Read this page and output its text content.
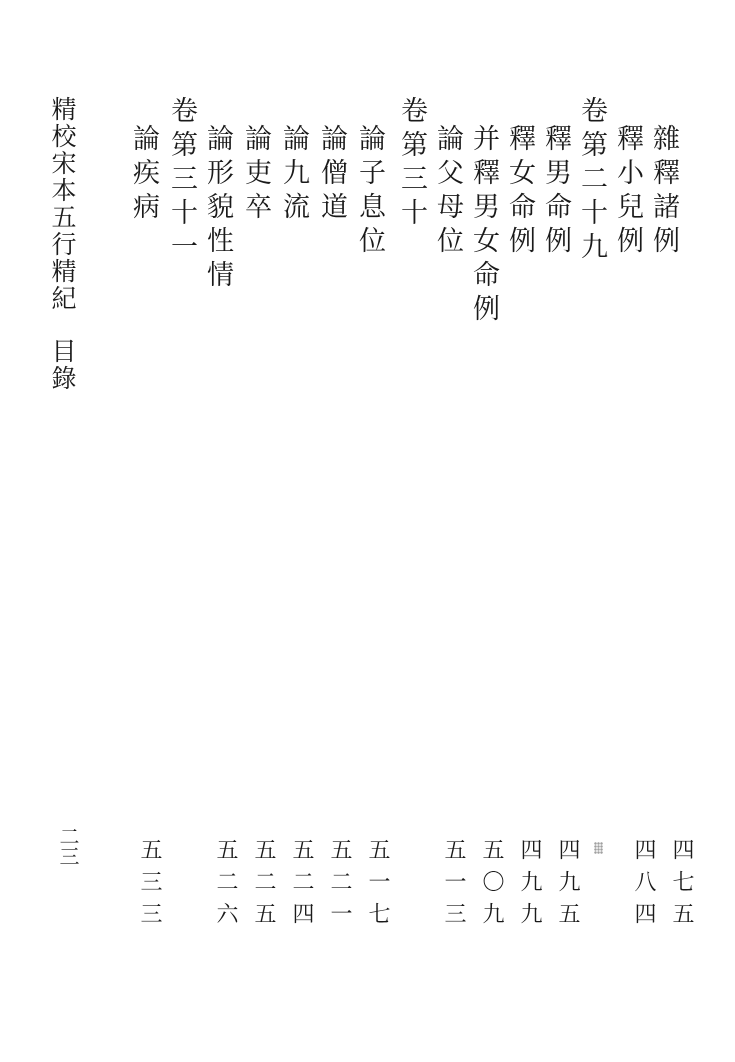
精校宋本五行精紀目錄
二三
雜釋諸例
釋小兒例
卷第二十九
釋男命例
釋女命例
并釋男女命例
論父母位
卷第三十
論子息位
論僧道
論九流
論吏卒
論形貌性情
卷第三十一
論疾病
四七五
四八四
四九五
四九九
五〇九
五一三
五一七
五二一
五二四
五二五
五二六
五三三
